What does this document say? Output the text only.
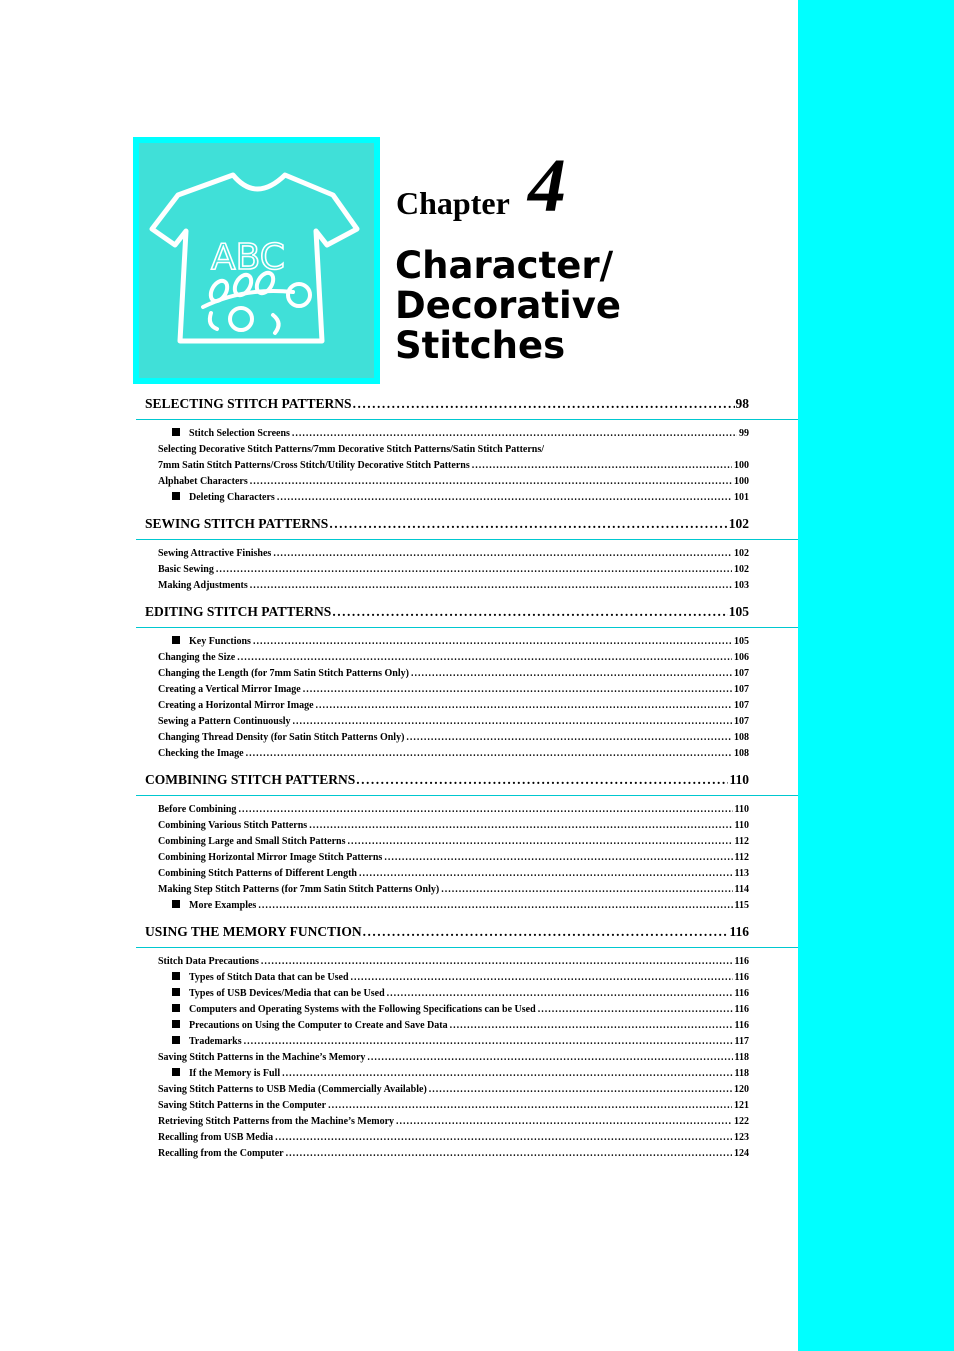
ABC
Chapter 4
Character/
Decorative
Stitches
SELECTING STITCH PATTERNS .....	98
Stitch Selection Screens .....	99
Selecting Decorative Stitch Patterns/7mm Decorative Stitch Patterns/Satin Stitch Patterns/
7mm Satin Stitch Patterns/Cross Stitch/Utility Decorative Stitch Patterns .....	100
Alphabet Characters .....	100
Deleting Characters .....	101
SEWING STITCH PATTERNS .....	102
Sewing Attractive Finishes .....	102
Basic Sewing .....	102
Making Adjustments .....	103
EDITING STITCH PATTERNS .....	105
Key Functions .....	105
Changing the Size .....	106
Changing the Length (for 7mm Satin Stitch Patterns Only) .....	107
Creating a Vertical Mirror Image .....	107
Creating a Horizontal Mirror Image .....	107
Sewing a Pattern Continuously .....	107
Changing Thread Density (for Satin Stitch Patterns Only) .....	108
Checking the Image .....	108
COMBINING STITCH PATTERNS .....	110
Before Combining .....	110
Combining Various Stitch Patterns .....	110
Combining Large and Small Stitch Patterns .....	112
Combining Horizontal Mirror Image Stitch Patterns .....	112
Combining Stitch Patterns of Different Length .....	113
Making Step Stitch Patterns (for 7mm Satin Stitch Patterns Only) .....	114
More Examples .....	115
USING THE MEMORY FUNCTION .....	116
Stitch Data Precautions .....	116
Types of Stitch Data that can be Used .....	116
Types of USB Devices/Media that can be Used .....	116
Computers and Operating Systems with the Following Specifications can be Used .....	116
Precautions on Using the Computer to Create and Save Data .....	116
Trademarks .....	117
Saving Stitch Patterns in the Machine’s Memory .....	118
If the Memory is Full .....	118
Saving Stitch Patterns to USB Media (Commercially Available) .....	120
Saving Stitch Patterns in the Computer .....	121
Retrieving Stitch Patterns from the Machine’s Memory .....	122
Recalling from USB Media .....	123
Recalling from the Computer .....	124
